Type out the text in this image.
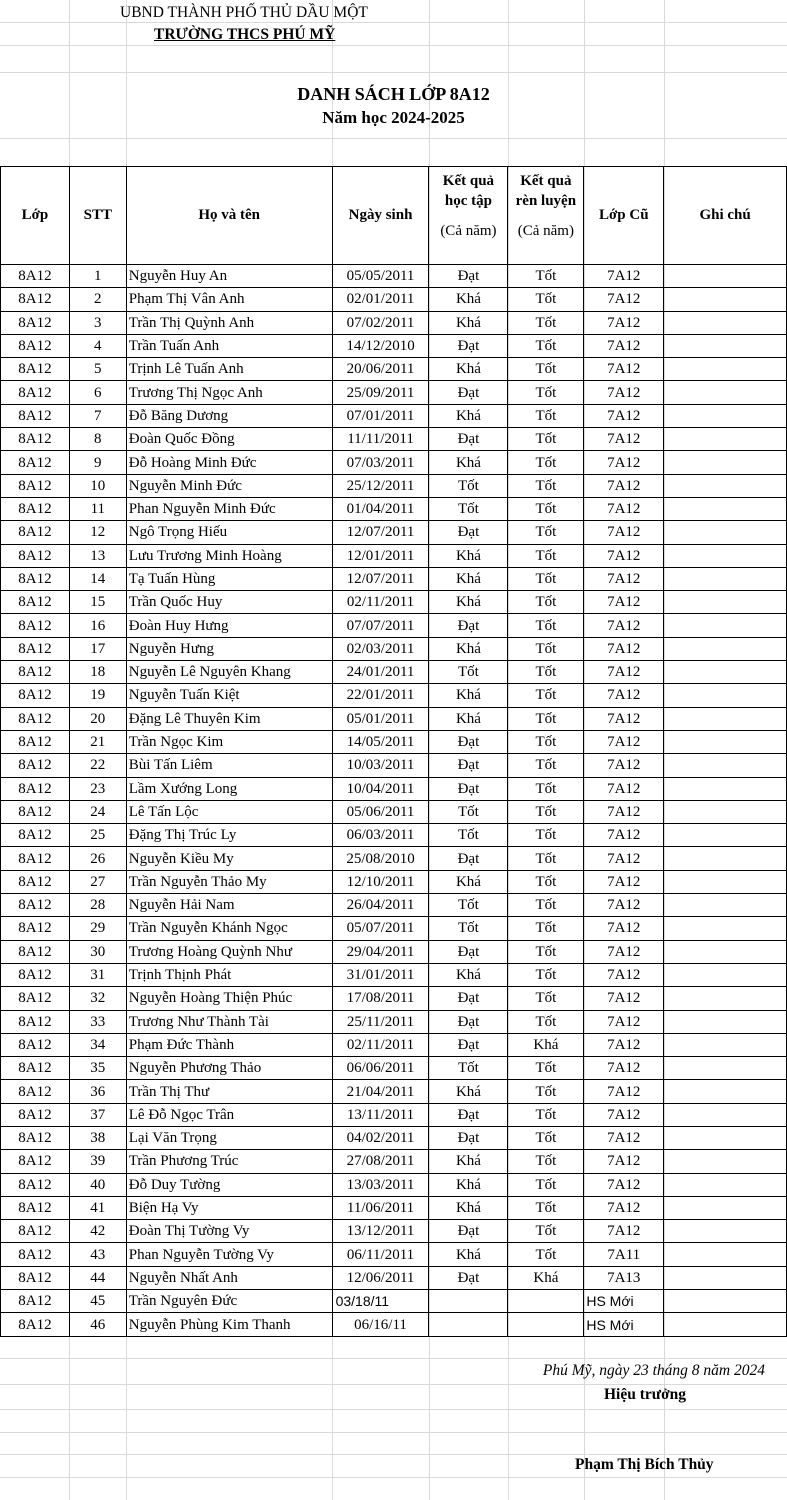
UBND THÀNH PHỐ THỦ DẦU MỘT
TRƯỜNG THCS PHÚ MỸ
DANH SÁCH LỚP 8A12
Năm học 2024-2025
Lớp	STT	Họ và tên	Ngày sinh	Kết quả
học tập
(Cả năm)	Kết quả
rèn luyện
(Cả năm)	Lớp Cũ	Ghi chú
8A12	1	Nguyễn Huy An	05/05/2011	Đạt	Tốt	7A12	
8A12	2	Phạm Thị Vân Anh	02/01/2011	Khá	Tốt	7A12	
8A12	3	Trần Thị Quỳnh Anh	07/02/2011	Khá	Tốt	7A12	
8A12	4	Trần Tuấn Anh	14/12/2010	Đạt	Tốt	7A12	
8A12	5	Trịnh Lê Tuấn Anh	20/06/2011	Khá	Tốt	7A12	
8A12	6	Trương Thị Ngọc Anh	25/09/2011	Đạt	Tốt	7A12	
8A12	7	Đỗ Băng Dương	07/01/2011	Khá	Tốt	7A12	
8A12	8	Đoàn Quốc Đồng	11/11/2011	Đạt	Tốt	7A12	
8A12	9	Đỗ Hoàng Minh Đức	07/03/2011	Khá	Tốt	7A12	
8A12	10	Nguyễn Minh Đức	25/12/2011	Tốt	Tốt	7A12	
8A12	11	Phan Nguyễn Minh Đức	01/04/2011	Tốt	Tốt	7A12	
8A12	12	Ngô Trọng Hiếu	12/07/2011	Đạt	Tốt	7A12	
8A12	13	Lưu Trương Minh Hoàng	12/01/2011	Khá	Tốt	7A12	
8A12	14	Tạ Tuấn Hùng	12/07/2011	Khá	Tốt	7A12	
8A12	15	Trần Quốc Huy	02/11/2011	Khá	Tốt	7A12	
8A12	16	Đoàn Huy Hưng	07/07/2011	Đạt	Tốt	7A12	
8A12	17	Nguyễn Hưng	02/03/2011	Khá	Tốt	7A12	
8A12	18	Nguyễn Lê Nguyên Khang	24/01/2011	Tốt	Tốt	7A12	
8A12	19	Nguyễn Tuấn Kiệt	22/01/2011	Khá	Tốt	7A12	
8A12	20	Đặng Lê Thuyên Kim	05/01/2011	Khá	Tốt	7A12	
8A12	21	Trần Ngọc Kim	14/05/2011	Đạt	Tốt	7A12	
8A12	22	Bùi Tấn Liêm	10/03/2011	Đạt	Tốt	7A12	
8A12	23	Lầm Xướng Long	10/04/2011	Đạt	Tốt	7A12	
8A12	24	Lê Tấn Lộc	05/06/2011	Tốt	Tốt	7A12	
8A12	25	Đặng Thị Trúc Ly	06/03/2011	Tốt	Tốt	7A12	
8A12	26	Nguyễn Kiều My	25/08/2010	Đạt	Tốt	7A12	
8A12	27	Trần Nguyễn Thảo My	12/10/2011	Khá	Tốt	7A12	
8A12	28	Nguyễn Hải Nam	26/04/2011	Tốt	Tốt	7A12	
8A12	29	Trần Nguyễn Khánh Ngọc	05/07/2011	Tốt	Tốt	7A12	
8A12	30	Trương Hoàng Quỳnh Như	29/04/2011	Đạt	Tốt	7A12	
8A12	31	Trịnh Thịnh Phát	31/01/2011	Khá	Tốt	7A12	
8A12	32	Nguyễn Hoàng Thiện Phúc	17/08/2011	Đạt	Tốt	7A12	
8A12	33	Trương Như Thành Tài	25/11/2011	Đạt	Tốt	7A12	
8A12	34	Phạm Đức Thành	02/11/2011	Đạt	Khá	7A12	
8A12	35	Nguyễn Phương Thảo	06/06/2011	Tốt	Tốt	7A12	
8A12	36	Trần Thị Thư	21/04/2011	Khá	Tốt	7A12	
8A12	37	Lê Đỗ Ngọc Trân	13/11/2011	Đạt	Tốt	7A12	
8A12	38	Lại Văn Trọng	04/02/2011	Đạt	Tốt	7A12	
8A12	39	Trần Phương Trúc	27/08/2011	Khá	Tốt	7A12	
8A12	40	Đỗ Duy Tường	13/03/2011	Khá	Tốt	7A12	
8A12	41	Biện Hạ Vy	11/06/2011	Khá	Tốt	7A12	
8A12	42	Đoàn Thị Tường Vy	13/12/2011	Đạt	Tốt	7A12	
8A12	43	Phan Nguyễn Tường Vy	06/11/2011	Khá	Tốt	7A11	
8A12	44	Nguyễn Nhất Anh	12/06/2011	Đạt	Khá	7A13	
8A12	45	Trần Nguyên Đức	03/18/11			HS Mới	
8A12	46	Nguyễn Phùng Kim Thanh	06/16/11			HS Mới	
Phú Mỹ, ngày 23 tháng 8 năm 2024
Hiệu trưởng
Phạm Thị Bích Thủy
